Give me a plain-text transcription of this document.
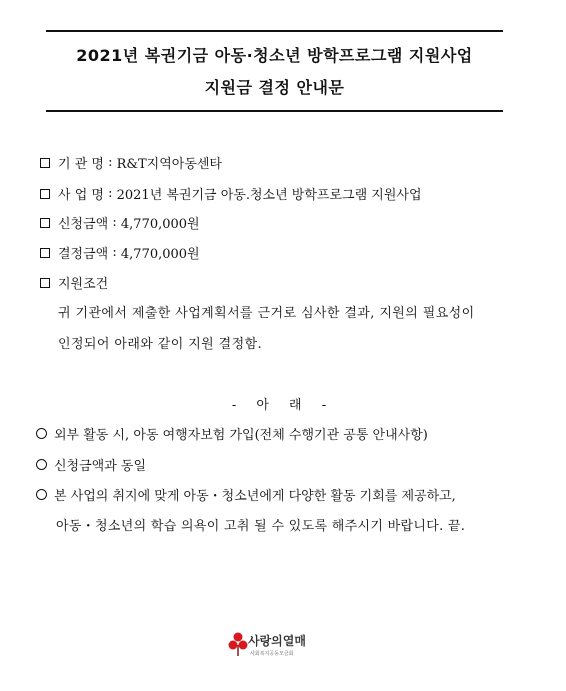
2021년 복권기금 아동·청소년 방학프로그램 지원사업
지원금 결정 안내문
기 관 명 : R&T지역아동센타
사 업 명 : 2021년 복권기금 아동.청소년 방학프로그램 지원사업
신청금액 : 4,770,000원
결정금액 : 4,770,000원
지원조건
귀 기관에서 제출한 사업계획서를 근거로 심사한 결과, 지원의 필요성이
인정되어 아래와 같이 지원 결정함.
- 아 래 -
외부 활동 시, 아동 여행자보험 가입(전체 수행기관 공통 안내사항)
신청금액과 동일
본 사업의 취지에 맞게 아동・청소년에게 다양한 활동 기회를 제공하고,
아동・청소년의 학습 의욕이 고취 될 수 있도록 해주시기 바랍니다. 끝.
사랑의열매
사회복지공동모금회
